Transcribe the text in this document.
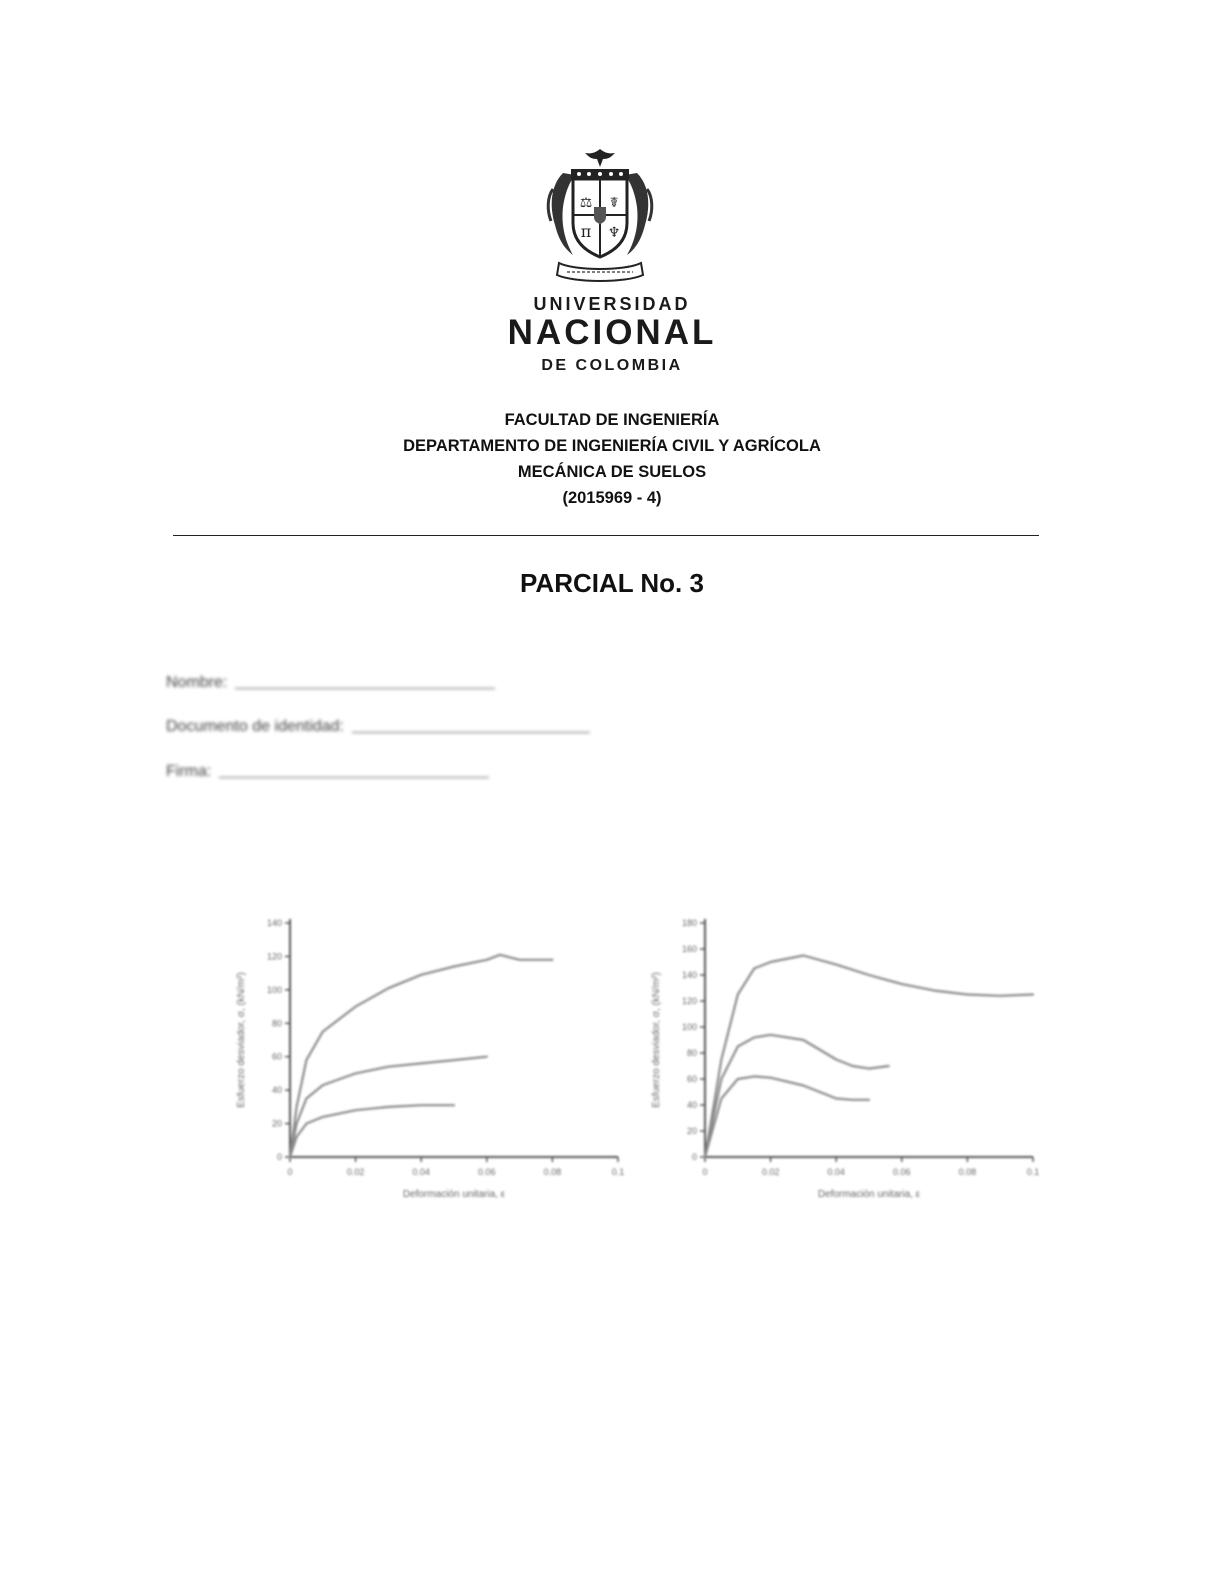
⚖ ☤
π ♆
UNIVERSIDAD
NACIONAL
DE COLOMBIA
FACULTAD DE INGENIERÍA
DEPARTAMENTO DE INGENIERÍA CIVIL Y AGRÍCOLA
MECÁNICA DE SUELOS
(2015969 - 4)
PARCIAL No. 3
Nombre:
Documento de identidad:
Firma:
0
20
40
60
80
100
120
140
0	0.02	0.04	0.06	0.08	0.1
Deformación unitaria, ε
Esfuerzo desviador, σ, (kN/m²)
0
20
40
60
80
100
120
140
160
180
0	0.02	0.04	0.06	0.08	0.1
Deformación unitaria, ε
Esfuerzo desviador, σ, (kN/m²)
